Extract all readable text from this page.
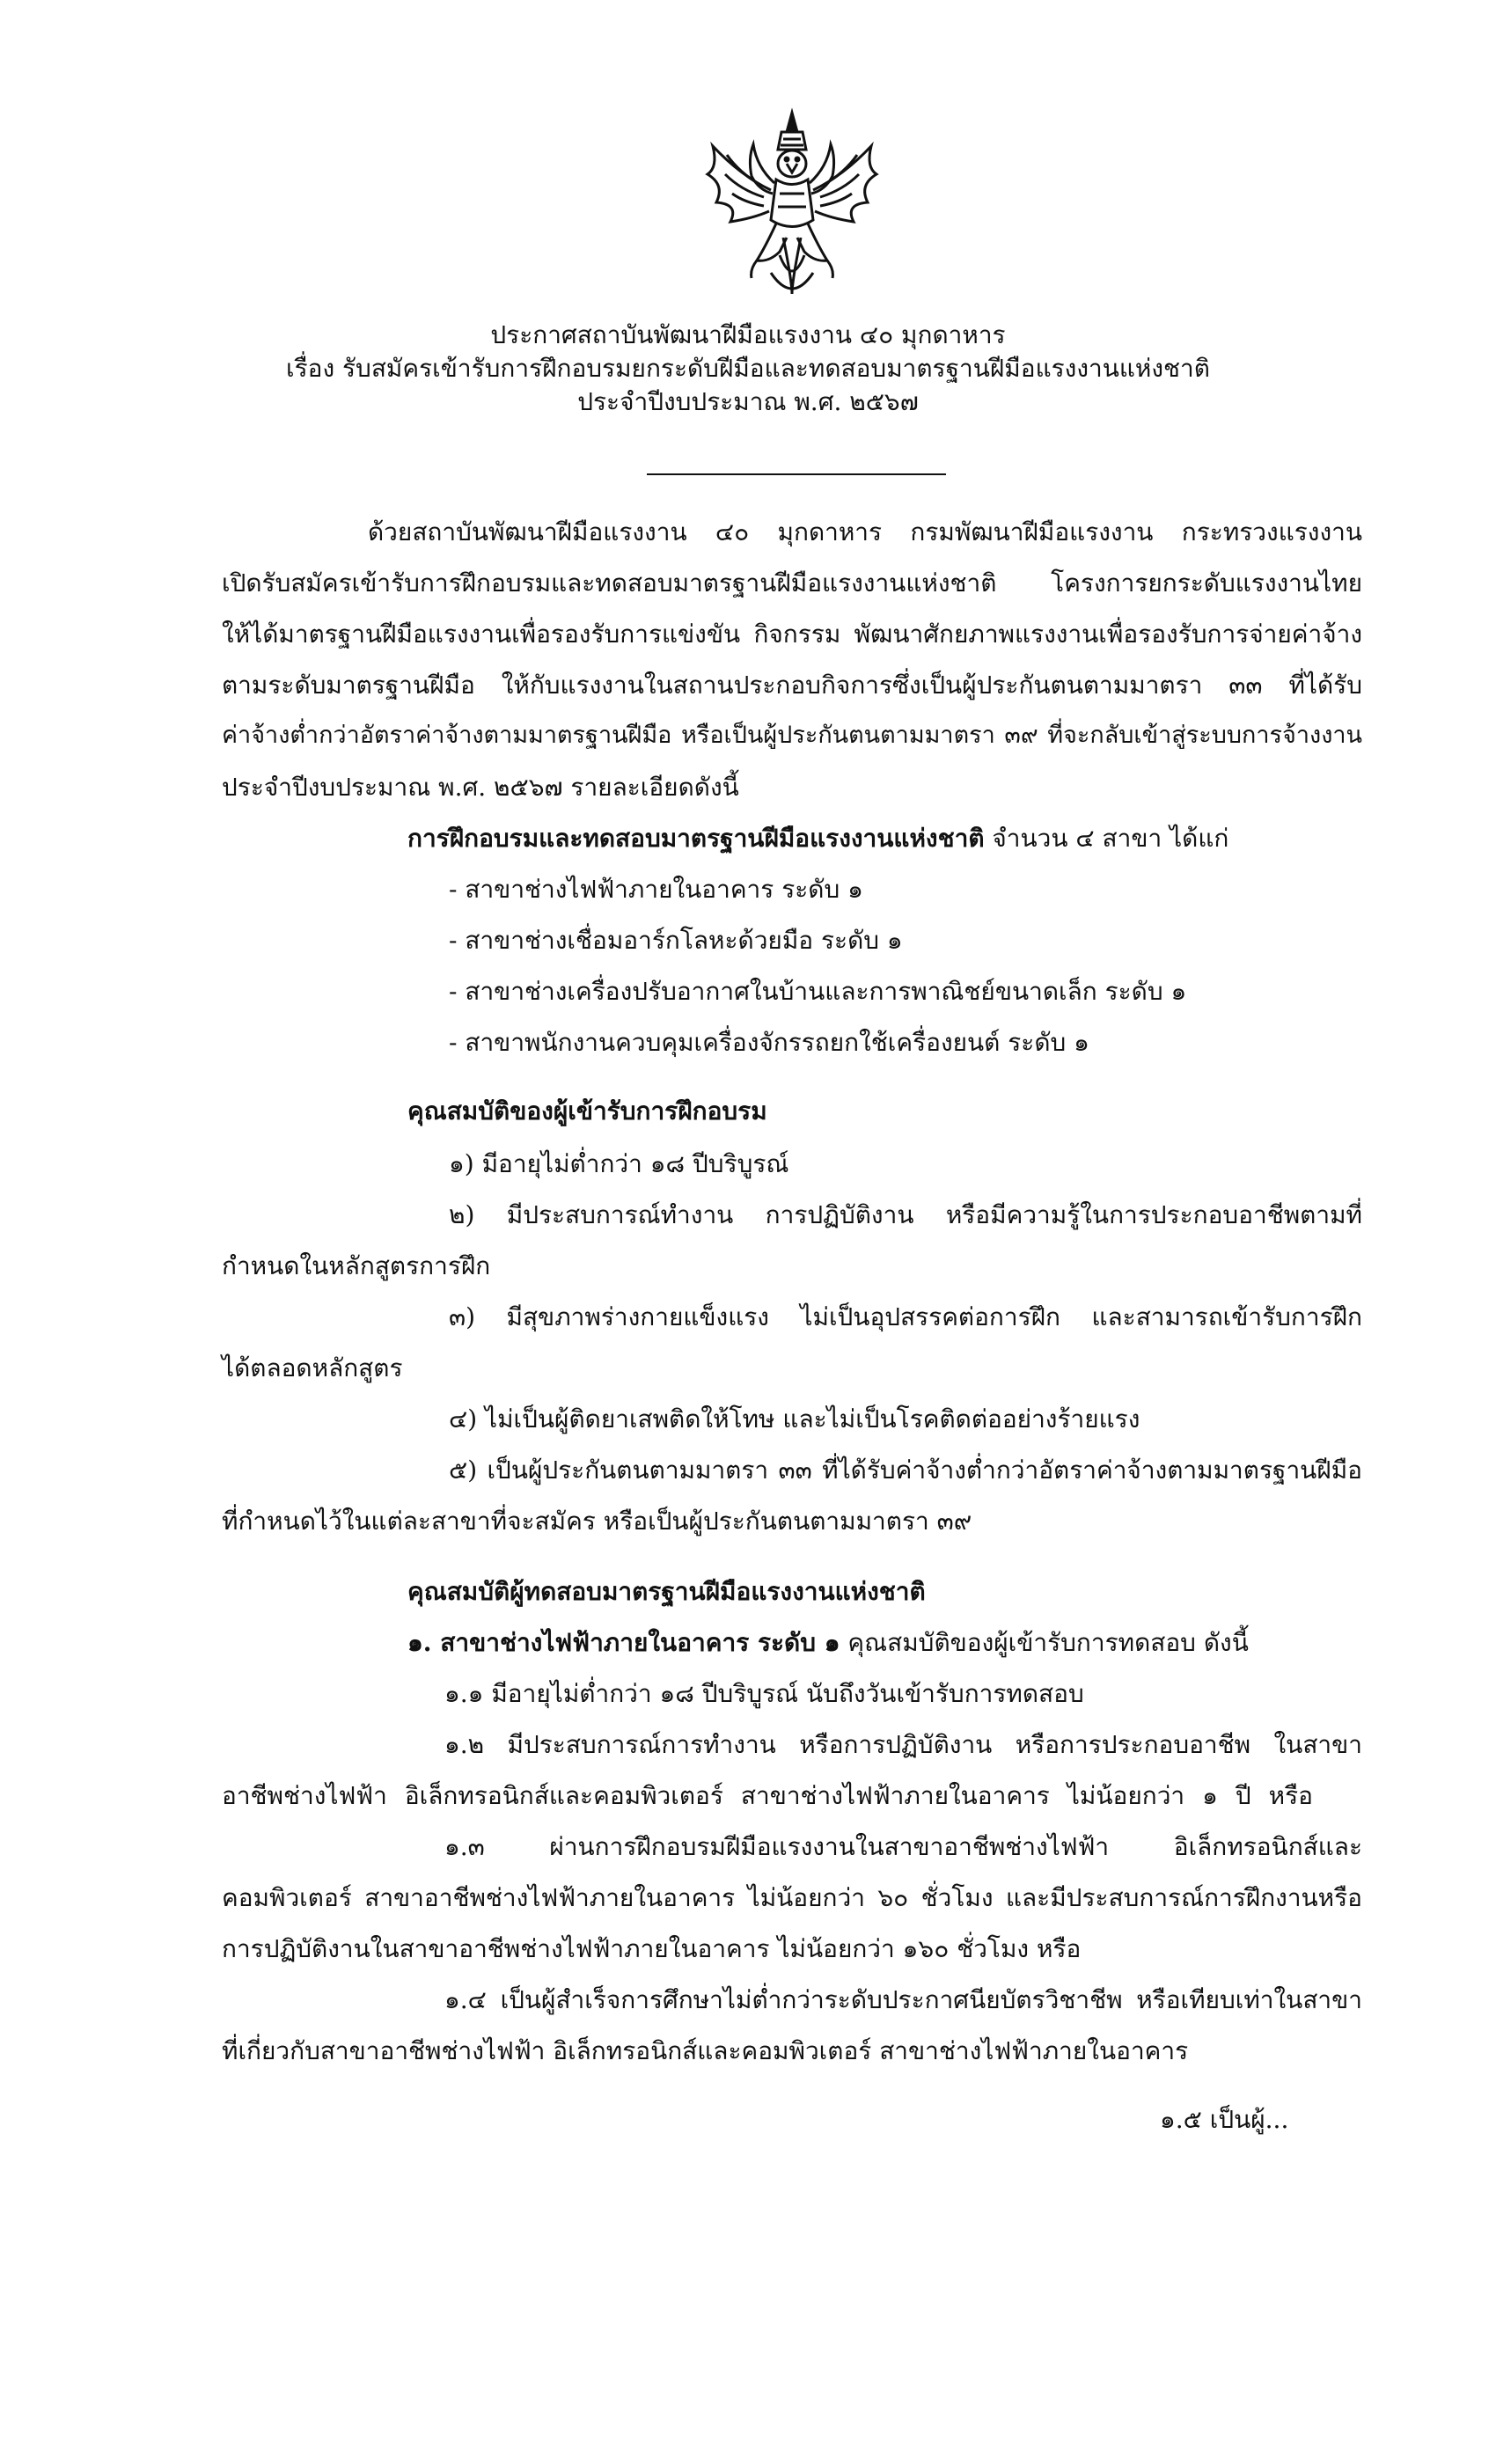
ประกาศสถาบันพัฒนาฝีมือแรงงาน ๔๐ มุกดาหาร
เรื่อง รับสมัครเข้ารับการฝึกอบรมยกระดับฝีมือและทดสอบมาตรฐานฝีมือแรงงานแห่งชาติ
ประจำปีงบประมาณ พ.ศ. ๒๕๖๗
ด้วยสถาบันพัฒนาฝีมือแรงงาน ๔๐ มุกดาหาร กรมพัฒนาฝีมือแรงงาน กระทรวงแรงงาน
เปิดรับสมัครเข้ารับการฝึกอบรมและทดสอบมาตรฐานฝีมือแรงงานแห่งชาติ โครงการยกระดับแรงงานไทย
ให้ได้มาตรฐานฝีมือแรงงานเพื่อรองรับการแข่งขัน กิจกรรม พัฒนาศักยภาพแรงงานเพื่อรองรับการจ่ายค่าจ้าง
ตามระดับมาตรฐานฝีมือ ให้กับแรงงานในสถานประกอบกิจการซึ่งเป็นผู้ประกันตนตามมาตรา ๓๓ ที่ได้รับ
ค่าจ้างต่ำกว่าอัตราค่าจ้างตามมาตรฐานฝีมือ หรือเป็นผู้ประกันตนตามมาตรา ๓๙ ที่จะกลับเข้าสู่ระบบการจ้างงาน
ประจำปีงบประมาณ พ.ศ. ๒๕๖๗ รายละเอียดดังนี้
การฝึกอบรมและทดสอบมาตรฐานฝีมือแรงงานแห่งชาติ จำนวน ๔ สาขา ได้แก่
- สาขาช่างไฟฟ้าภายในอาคาร ระดับ ๑
- สาขาช่างเชื่อมอาร์กโลหะด้วยมือ ระดับ ๑
- สาขาช่างเครื่องปรับอากาศในบ้านและการพาณิชย์ขนาดเล็ก ระดับ ๑
- สาขาพนักงานควบคุมเครื่องจักรรถยกใช้เครื่องยนต์ ระดับ ๑
คุณสมบัติของผู้เข้ารับการฝึกอบรม
๑) มีอายุไม่ต่ำกว่า ๑๘ ปีบริบูรณ์
๒) มีประสบการณ์ทำงาน การปฏิบัติงาน หรือมีความรู้ในการประกอบอาชีพตามที่
กำหนดในหลักสูตรการฝึก
๓) มีสุขภาพร่างกายแข็งแรง ไม่เป็นอุปสรรคต่อการฝึก และสามารถเข้ารับการฝึก
ได้ตลอดหลักสูตร
๔) ไม่เป็นผู้ติดยาเสพติดให้โทษ และไม่เป็นโรคติดต่ออย่างร้ายแรง
๕) เป็นผู้ประกันตนตามมาตรา ๓๓ ที่ได้รับค่าจ้างต่ำกว่าอัตราค่าจ้างตามมาตรฐานฝีมือ
ที่กำหนดไว้ในแต่ละสาขาที่จะสมัคร หรือเป็นผู้ประกันตนตามมาตรา ๓๙
คุณสมบัติผู้ทดสอบมาตรฐานฝีมือแรงงานแห่งชาติ
๑. สาขาช่างไฟฟ้าภายในอาคาร ระดับ ๑ คุณสมบัติของผู้เข้ารับการทดสอบ ดังนี้
๑.๑ มีอายุไม่ต่ำกว่า ๑๘ ปีบริบูรณ์ นับถึงวันเข้ารับการทดสอบ
๑.๒ มีประสบการณ์การทำงาน หรือการปฏิบัติงาน หรือการประกอบอาชีพ ในสาขา
อาชีพช่างไฟฟ้า อิเล็กทรอนิกส์และคอมพิวเตอร์ สาขาช่างไฟฟ้าภายในอาคาร ไม่น้อยกว่า ๑ ปี หรือ
๑.๓ ผ่านการฝึกอบรมฝีมือแรงงานในสาขาอาชีพช่างไฟฟ้า อิเล็กทรอนิกส์และ
คอมพิวเตอร์ สาขาอาชีพช่างไฟฟ้าภายในอาคาร ไม่น้อยกว่า ๖๐ ชั่วโมง และมีประสบการณ์การฝึกงานหรือ
การปฏิบัติงานในสาขาอาชีพช่างไฟฟ้าภายในอาคาร ไม่น้อยกว่า ๑๖๐ ชั่วโมง หรือ
๑.๔ เป็นผู้สำเร็จการศึกษาไม่ต่ำกว่าระดับประกาศนียบัตรวิชาชีพ หรือเทียบเท่าในสาขา
ที่เกี่ยวกับสาขาอาชีพช่างไฟฟ้า อิเล็กทรอนิกส์และคอมพิวเตอร์ สาขาช่างไฟฟ้าภายในอาคาร
๑.๕ เป็นผู้...
